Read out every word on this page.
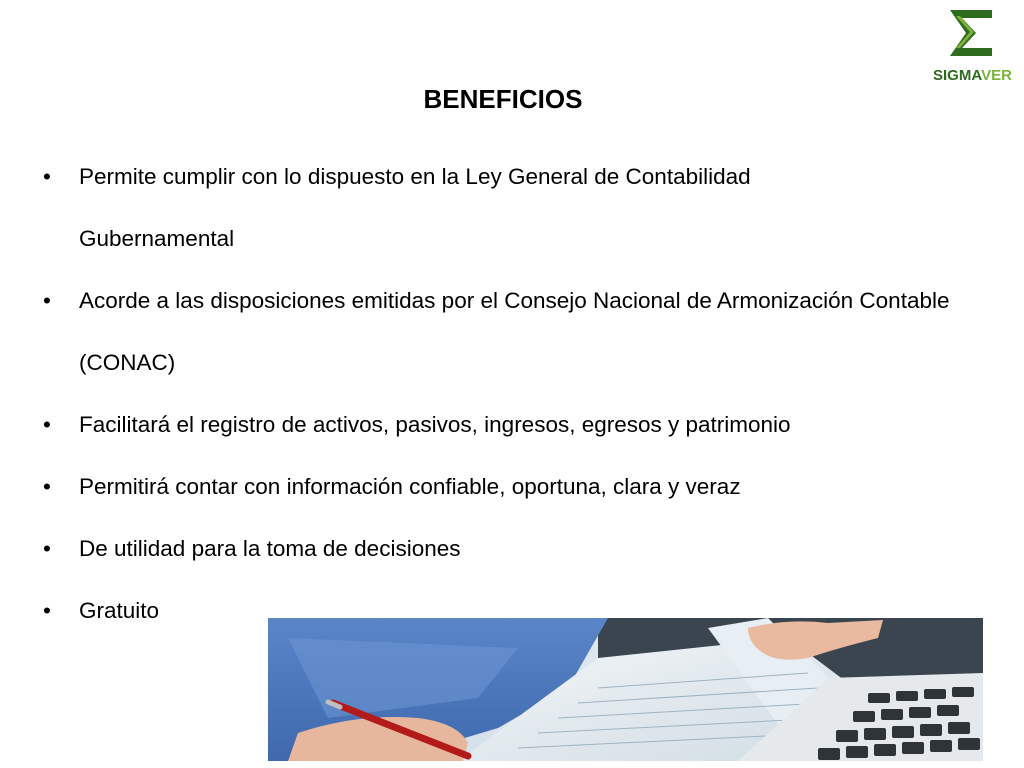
SIGMAVER
BENEFICIOS
• Permite cumplir con lo dispuesto en la Ley General de Contabilidad Gubernamental
• Acorde a las disposiciones emitidas por el Consejo Nacional de Armonización Contable (CONAC)
• Facilitará el registro de activos, pasivos, ingresos, egresos y patrimonio
• Permitirá contar con información confiable, oportuna, clara y veraz
• De utilidad para la toma de decisiones
• Gratuito
